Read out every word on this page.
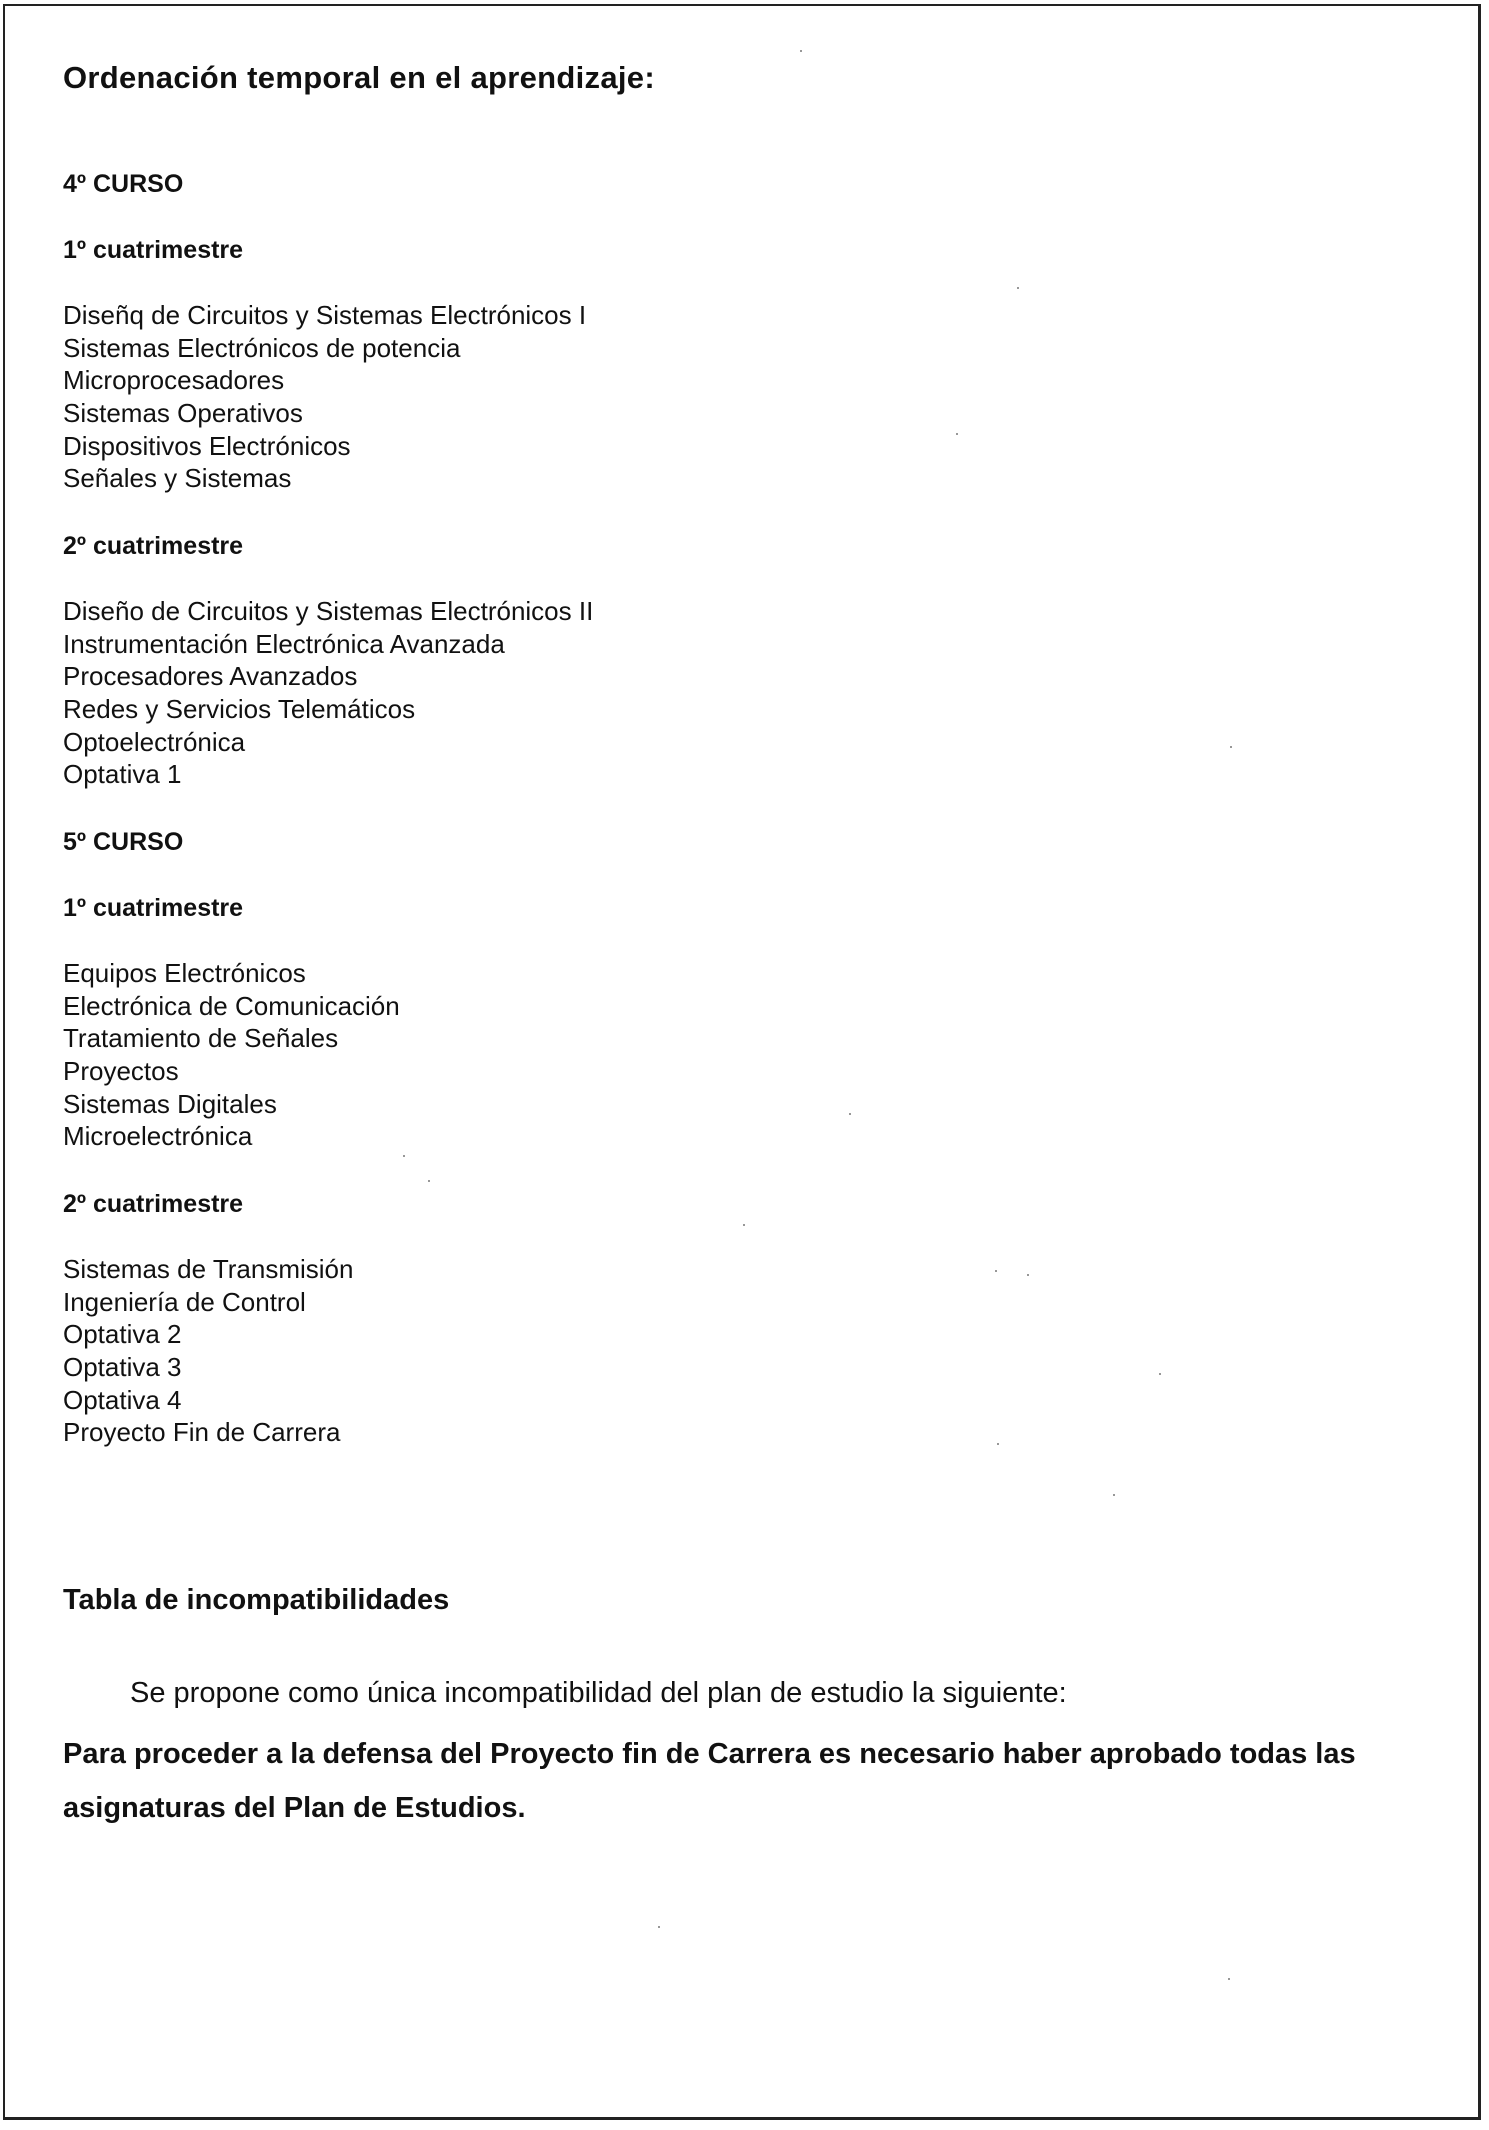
Ordenación temporal en el aprendizaje:
4º CURSO
1º cuatrimestre
Diseñq de Circuitos y Sistemas Electrónicos I
Sistemas Electrónicos de potencia
Microprocesadores
Sistemas Operativos
Dispositivos Electrónicos
Señales y Sistemas
2º cuatrimestre
Diseño de Circuitos y Sistemas Electrónicos II
Instrumentación Electrónica Avanzada
Procesadores Avanzados
Redes y Servicios Telemáticos
Optoelectrónica
Optativa 1
5º CURSO
1º cuatrimestre
Equipos Electrónicos
Electrónica de Comunicación
Tratamiento de Señales
Proyectos
Sistemas Digitales
Microelectrónica
2º cuatrimestre
Sistemas de Transmisión
Ingeniería de Control
Optativa 2
Optativa 3
Optativa 4
Proyecto Fin de Carrera
Tabla de incompatibilidades
Se propone como única incompatibilidad del plan de estudio la siguiente:
Para proceder a la defensa del Proyecto fin de Carrera es necesario haber aprobado todas las asignaturas del Plan de Estudios.
